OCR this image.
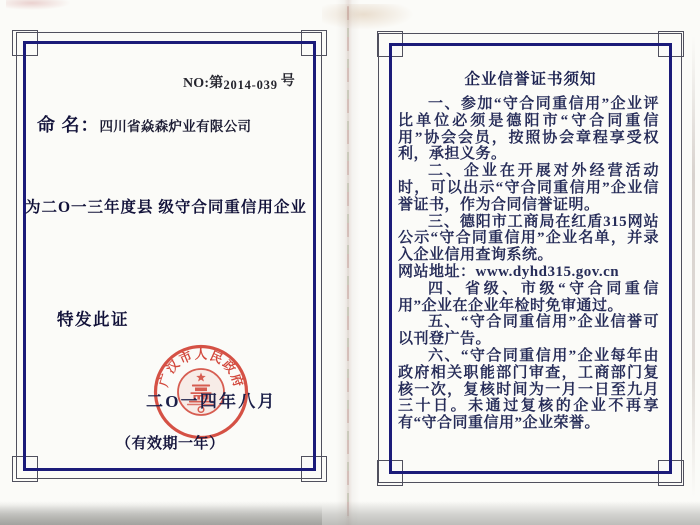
NO:第2014-039 号
命 名：四川省焱森炉业有限公司
为二O一三年度县 级守合同重信用企业
特发此证
广
汉
市 人 民
政
府
二O一四年八月
（有效期一年）
企业信誉证书须知

一、参加“守合同重信用”企业评比单位必须是德阳市“守合同重信用”协会会员，按照协会章程享受权利，承担义务。

二、企业在开展对外经营活动时，可以出示“守合同重信用”企业信誉证书，作为合同信誉证明。

三、德阳市工商局在红盾315网站公示“守合同重信用”企业名单，并录入企业信用查询系统。

网站地址：www.dyhd315.gov.cn

四、省级、市级“守合同重信用”企业在企业年检时免审通过。

五、“守合同重信用”企业信誉可以刊登广告。

六、“守合同重信用”企业每年由政府相关职能部门审查，工商部门复核一次，复核时间为一月一日至九月三十日。未通过复核的企业不再享有“守合同重信用”企业荣誉。
